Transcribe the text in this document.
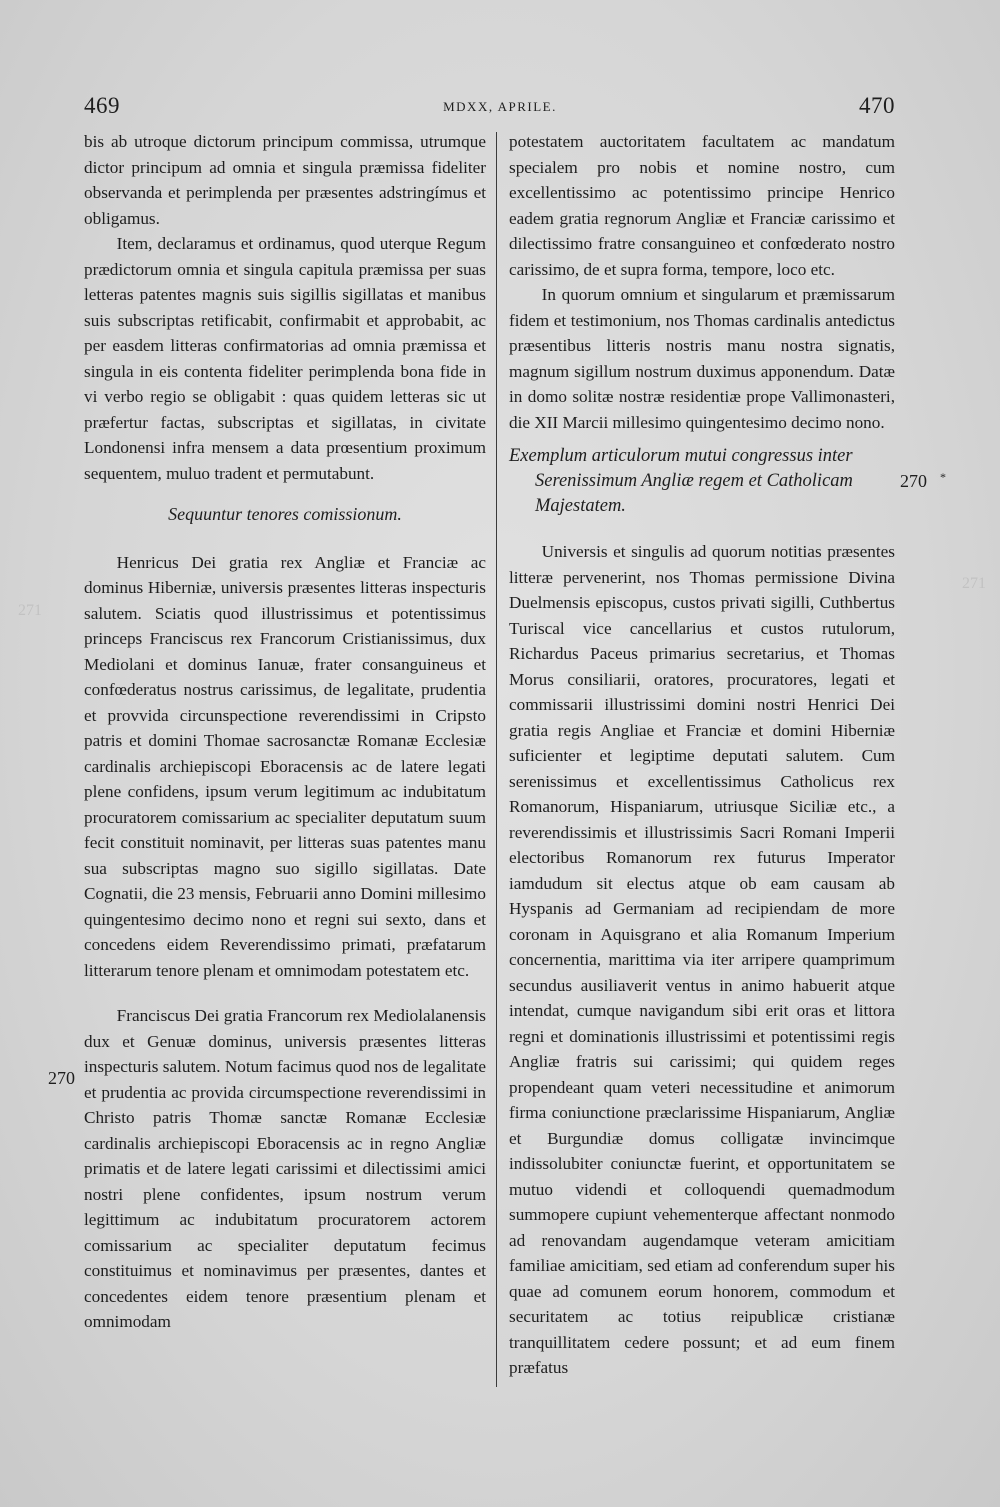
469	MDXX, APRILE.	470
271
271

bis ab utroque dictorum principum commissa, utrumque dictor principum ad omnia et singula præmissa fideliter observanda et perimplenda per præsentes adstringímus et obligamus.

Item, declaramus et ordinamus, quod uterque Regum prædictorum omnia et singula capitula præmissa per suas letteras patentes magnis suis sigillis sigillatas et manibus suis subscriptas retificabit, confirmabit et approbabit, ac per easdem litteras confirmatorias ad omnia præmissa et singula in eis contenta fideliter perimplenda bona fide in vi verbo regio se obligabit : quas quidem letteras sic ut præfertur factas, subscriptas et sigillatas, in civitate Londonensi infra mensem a data prœsentium proximum sequentem, muluo tradent et permutabunt.

Sequuntur tenores comissionum.

Henricus Dei gratia rex Angliæ et Franciæ ac dominus Hiberniæ, universis præsentes litteras inspecturis salutem. Sciatis quod illustrissimus et potentissimus princeps Franciscus rex Francorum Cristianissimus, dux Mediolani et dominus Ianuæ, frater consanguineus et confœderatus nostrus carissimus, de legalitate, prudentia et provvida circunspectione reverendissimi in Cripsto patris et domini Thomae sacrosanctæ Romanæ Ecclesiæ cardinalis archiepiscopi Eboracensis ac de latere legati plene confidens, ipsum verum legitimum ac indubitatum procuratorem comissarium ac specialiter deputatum suum fecit constituit nominavit, per litteras suas patentes manu sua subscriptas magno suo sigillo sigillatas. Date Cognatii, die 23 mensis, Februarii anno Domini millesimo quingentesimo decimo nono et regni sui sexto, dans et concedens eidem Reverendissimo primati, præfatarum litterarum tenore plenam et omnimodam potestatem etc.

Franciscus Dei gratia Francorum rex Mediolalanensis dux et Genuæ dominus, universis præsentes litteras inspecturis salutem. Notum facimus quod nos de legalitate et prudentia ac provida circumspectione reverendissimi in Christo patris Thomæ sanctæ Romanæ Ecclesiæ cardinalis archiepiscopi Eboracensis ac in regno Angliæ primatis et de latere legati carissimi et dilectissimi amici nostri plene confidentes, ipsum nostrum verum legittimum ac indubitatum procuratorem actorem comissarium ac specialiter deputatum fecimus constituimus et nominavimus per præsentes, dantes et concedentes eidem tenore præsentium plenam et omnimodam

potestatem auctoritatem facultatem ac mandatum specialem pro nobis et nomine nostro, cum excellentissimo ac potentissimo principe Henrico eadem gratia regnorum Angliæ et Franciæ carissimo et dilectissimo fratre consanguineo et confœderato nostro carissimo, de et supra forma, tempore, loco etc.

In quorum omnium et singularum et præmissarum fidem et testimonium, nos Thomas cardinalis antedictus præsentibus litteris nostris manu nostra signatis, magnum sigillum nostrum duximus apponendum. Datæ in domo solitæ nostræ residentiæ prope Vallimonasteri, die XII Marcii millesimo quingentesimo decimo nono.

Exemplum articulorum mutui congressus inter
Serenissimum Angliæ regem et Catholicam
Majestatem.

Universis et singulis ad quorum notitias præsentes litteræ pervenerint, nos Thomas permissione Divina Duelmensis episcopus, custos privati sigilli, Cuthbertus Turiscal vice cancellarius et custos rutulorum, Richardus Paceus primarius secretarius, et Thomas Morus consiliarii, oratores, procuratores, legati et commissarii illustrissimi domini nostri Henrici Dei gratia regis Angliae et Franciæ et domini Hiberniæ suficienter et legiptime deputati salutem. Cum serenissimus et excellentissimus Catholicus rex Romanorum, Hispaniarum, utriusque Siciliæ etc., a reverendissimis et illustrissimis Sacri Romani Imperii electoribus Romanorum rex futurus Imperator iamdudum sit electus atque ob eam causam ab Hyspanis ad Germaniam ad recipiendam de more coronam in Aquisgrano et alia Romanum Imperium concernentia, marittima via iter arripere quamprimum secundus ausiliaverit ventus in animo habuerit atque intendat, cumque navigandum sibi erit oras et littora regni et dominationis illustrissimi et potentissimi regis Angliæ fratris sui carissimi; qui quidem reges propendeant quam veteri necessitudine et animorum firma coniunctione præclarissime Hispaniarum, Angliæ et Burgundiæ domus colligatæ invincimque indissolubiter coniunctæ fuerint, et opportunitatem se mutuo videndi et colloquendi quemadmodum summopere cupiunt vehementerque affectant nonmodo ad renovandam augendamque veteram amicitiam familiae amicitiam, sed etiam ad conferendum super his quae ad comunem eorum honorem, commodum et securitatem ac totius reipublicæ cristianæ tranquillitatem cedere possunt; et ad eum finem præfatus

270
270 *
